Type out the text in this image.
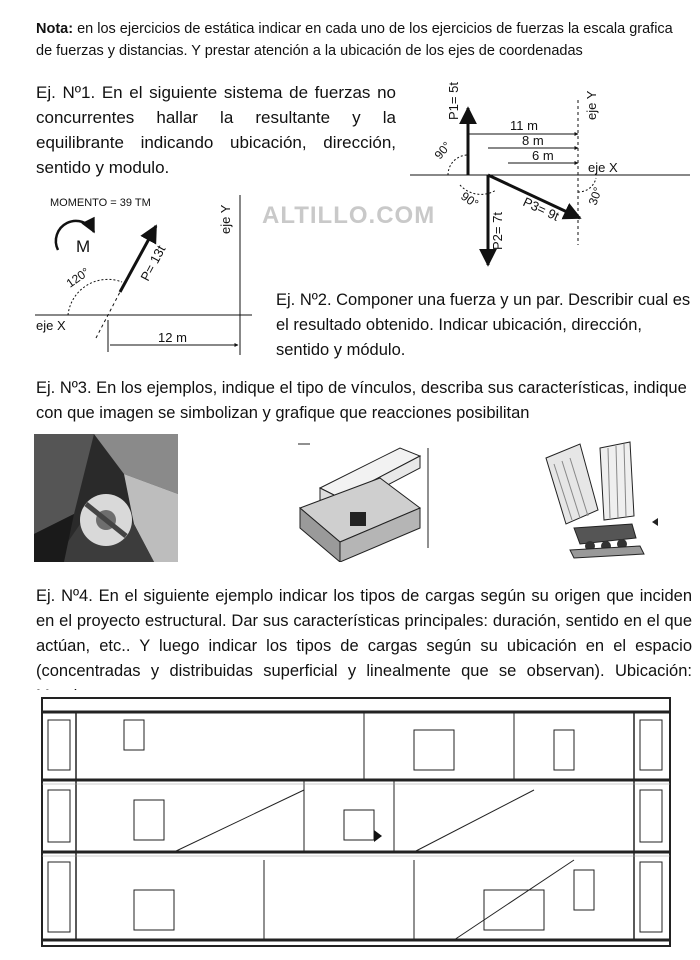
Nota: en los ejercicios de estática indicar en cada uno de los ejercicios de fuerzas la escala grafica de fuerzas y distancias. Y prestar atención a la ubicación de los ejes de coordenadas
Ej. Nº1. En el siguiente sistema de fuerzas no concurrentes hallar la resultante y la equilibrante indicando ubicación, dirección, sentido y modulo.
P1= 5t
P2= 7t
P3= 9t
11 m
8 m
6 m
eje Y
eje X
90°
90°	30°
MOMENTO = 39 TM
M	P= 13t
120°
eje Y
eje X
12 m
ALTILLO.COM
Ej. Nº2. Componer una fuerza y un par. Describir cual es el resultado obtenido. Indicar ubicación, dirección, sentido y módulo.
Ej. Nº3. En los ejemplos, indique el tipo de vínculos, describa sus características, indique con que imagen se simbolizan y grafique que reacciones posibilitan
Ej. Nº4. En el siguiente ejemplo indicar los tipos de cargas según su origen que inciden en el proyecto estructural. Dar sus características principales: duración, sentido en el que actúan, etc.. Y luego indicar los tipos de cargas según su ubicación en el espacio (concentradas y distribuidas superficial y linealmente que se observan). Ubicación:
